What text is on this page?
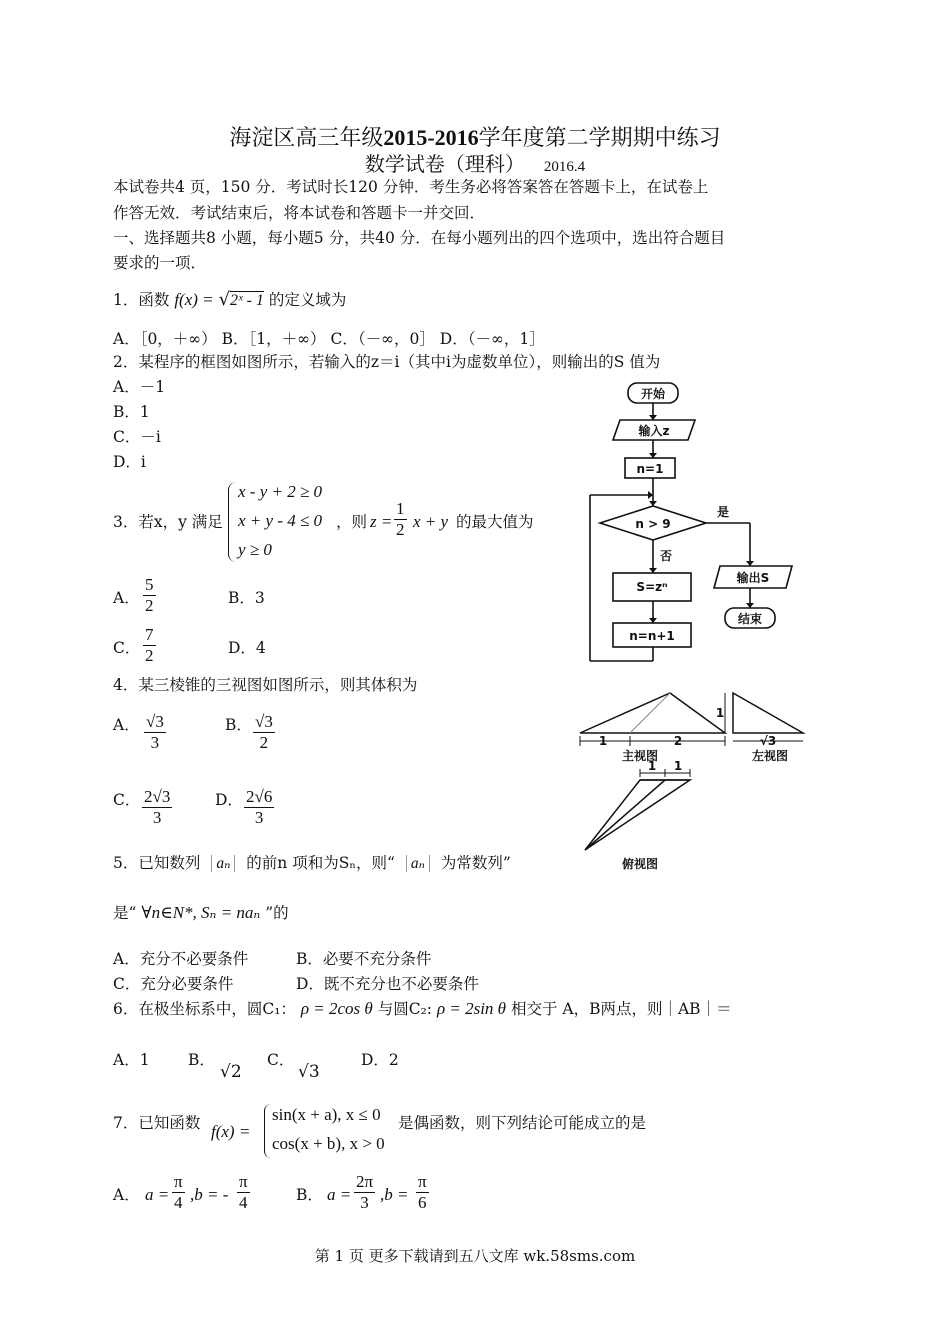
海淀区高三年级2015-2016学年度第二学期期中练习
数学试卷（理科） 2016.4
本试卷共4 页，150 分．考试时长120 分钟．考生务必将答案答在答题卡上，在试卷上
作答无效．考试结束后，将本试卷和答题卡一并交回．
一、选择题共8 小题，每小题5 分，共40 分．在每小题列出的四个选项中，选出符合题目
要求的一项．
1．函数 f(x) = √2ˣ - 1 的定义域为
A．［0，＋∞） B．［1，＋∞） C．（－∞，0］ D．（－∞，1］
2．某程序的框图如图所示，若输入的z＝i（其中i为虚数单位），则输出的S 值为
A．－1
B．1
C．－i
D．i
开始
输入z
n=1
n > 9
是
否
S=zⁿ
n=n+1
输出S
结束
3．若x，y 满足
x - y + 2 ≥ 0
x + y - 4 ≤ 0
y ≥ 0
，则 $z = \frac{1}{2}$ x + y 的最大值为
A． $\frac{5}{2}$	B．3
C． $\frac{7}{2}$	D．4
4．某三棱锥的三视图如图所示，则其体积为
A． $\frac{√3}{3}$	B． $\frac{√3}{2}$
C． $\frac{2√3}{3}$	D． $\frac{2√6}{3}$
1	2
主视图
1
√3
左视图
1 1
俯视图
5．已知数列 aₙ 的前n 项和为Sₙ，则“ aₙ 为常数列”
是“ ∀n∈N*, Sₙ = naₙ ”的
A．充分不必要条件	B．必要不充分条件
C．充分必要条件	D．既不充分也不必要条件
6．在极坐标系中，圆C₁： ρ = 2cos θ 与圆C₂: ρ = 2sin θ 相交于 A，B两点，则｜AB｜＝
A．1 B．
√2
C．
√3
D．2
7．已知函数 f(x) =
sin(x + a), x ≤ 0
cos(x + b), x > 0
是偶函数，则下列结论可能成立的是
A． $a = \frac{\pi}{4} ,b$ = - $\frac{\pi}{4}$	B． $a = \frac{2\pi}{3} ,b = \frac{\pi}{6}$
第 1 页 更多下载请到五八文库 wk.58sms.com
